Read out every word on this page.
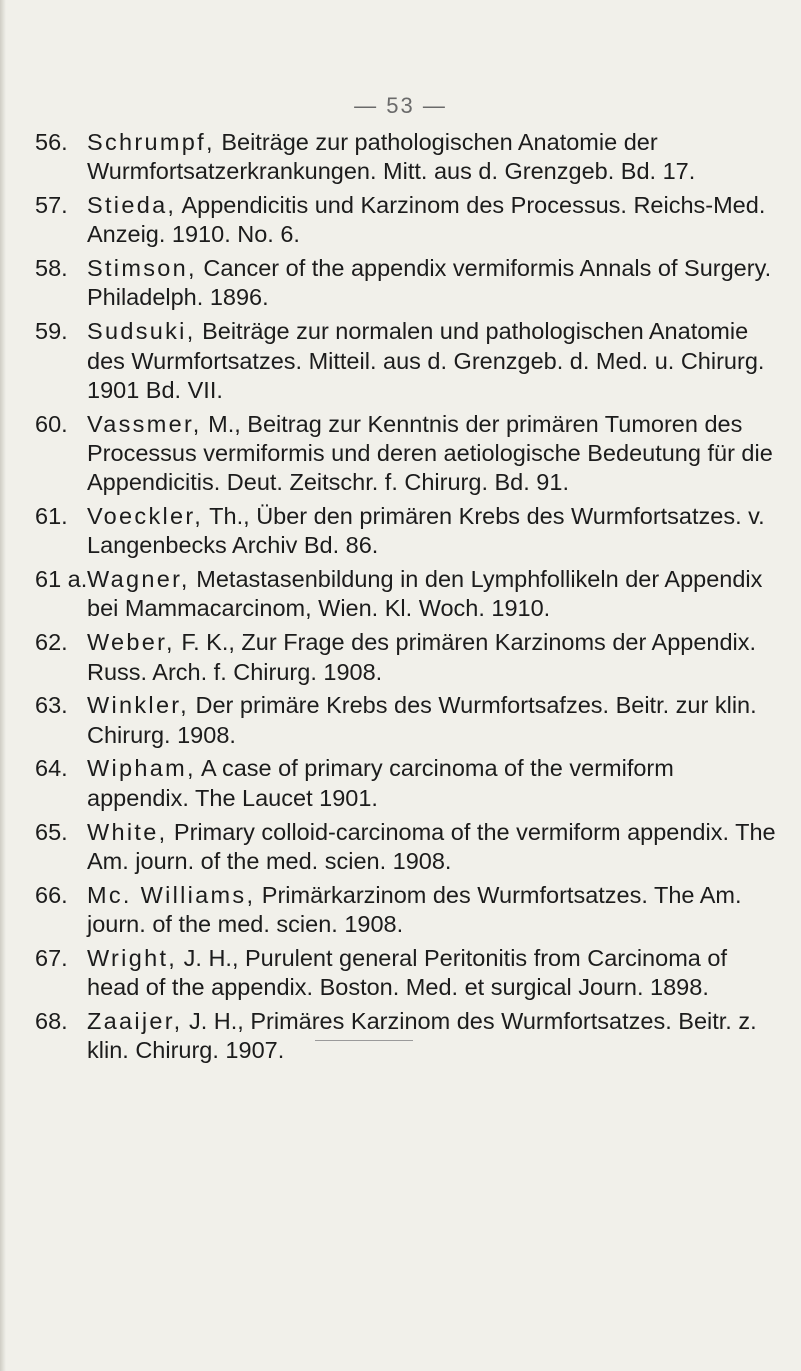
— 53 —
56. Schrumpf, Beiträge zur pathologischen Anatomie der Wurmfortsatzerkrankungen. Mitt. aus d. Grenzgeb. Bd. 17.
57. Stieda, Appendicitis und Karzinom des Processus. Reichs-Med. Anzeig. 1910. No. 6.
58. Stimson, Cancer of the appendix vermiformis Annals of Surgery. Philadelph. 1896.
59. Sudsuki, Beiträge zur normalen und pathologischen Anatomie des Wurmfortsatzes. Mitteil. aus d. Grenzgeb. d. Med. u. Chirurg. 1901 Bd. VII.
60. Vassmer, M., Beitrag zur Kenntnis der primären Tumoren des Processus vermiformis und deren aetiologische Bedeutung für die Appendicitis. Deut. Zeitschr. f. Chirurg. Bd. 91.
61. Voeckler, Th., Über den primären Krebs des Wurmfortsatzes. v. Langenbecks Archiv Bd. 86.
61 a. Wagner, Metastasenbildung in den Lymphfollikeln der Appendix bei Mammacarcinom, Wien. Kl. Woch. 1910.
62. Weber, F. K., Zur Frage des primären Karzinoms der Appendix. Russ. Arch. f. Chirurg. 1908.
63. Winkler, Der primäre Krebs des Wurmfortsafzes. Beitr. zur klin. Chirurg. 1908.
64. Wipham, A case of primary carcinoma of the vermiform appendix. The Laucet 1901.
65. White, Primary colloid-carcinoma of the vermiform appendix. The Am. journ. of the med. scien. 1908.
66. Mc. Williams, Primärkarzinom des Wurmfortsatzes. The Am. journ. of the med. scien. 1908.
67. Wright, J. H., Purulent general Peritonitis from Carcinoma of head of the appendix. Boston. Med. et surgical Journ. 1898.
68. Zaaijer, J. H., Primäres Karzinom des Wurmfortsatzes. Beitr. z. klin. Chirurg. 1907.
